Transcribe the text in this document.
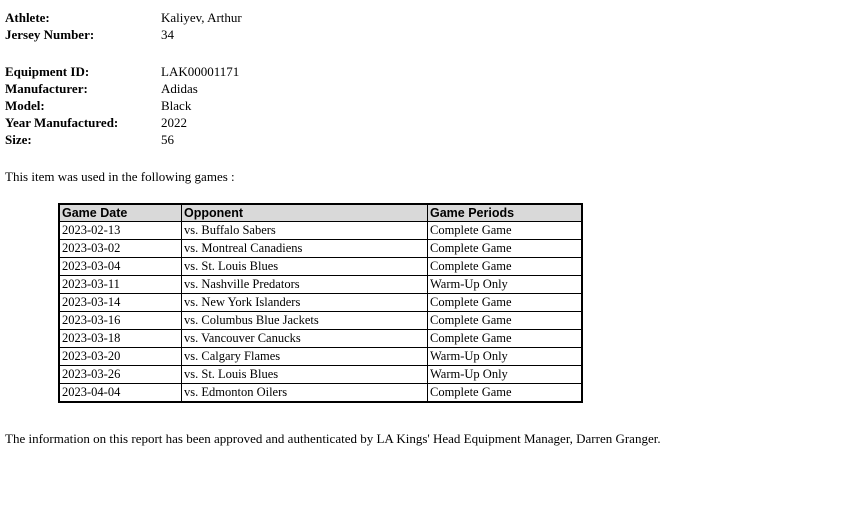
Athlete:	Kaliyev, Arthur
Jersey Number:	34
Equipment ID:	LAK00001171
Manufacturer:	Adidas
Model:	Black
Year Manufactured:	2022
Size:	56
This item was used in the following games :
Game Date	Opponent	Game Periods
2023-02-13	vs. Buffalo Sabers	Complete Game
2023-03-02	vs. Montreal Canadiens	Complete Game
2023-03-04	vs. St. Louis Blues	Complete Game
2023-03-11	vs. Nashville Predators	Warm-Up Only
2023-03-14	vs. New York Islanders	Complete Game
2023-03-16	vs. Columbus Blue Jackets	Complete Game
2023-03-18	vs. Vancouver Canucks	Complete Game
2023-03-20	vs. Calgary Flames	Warm-Up Only
2023-03-26	vs. St. Louis Blues	Warm-Up Only
2023-04-04	vs. Edmonton Oilers	Complete Game
The information on this report has been approved and authenticated by LA Kings' Head Equipment Manager, Darren Granger.
